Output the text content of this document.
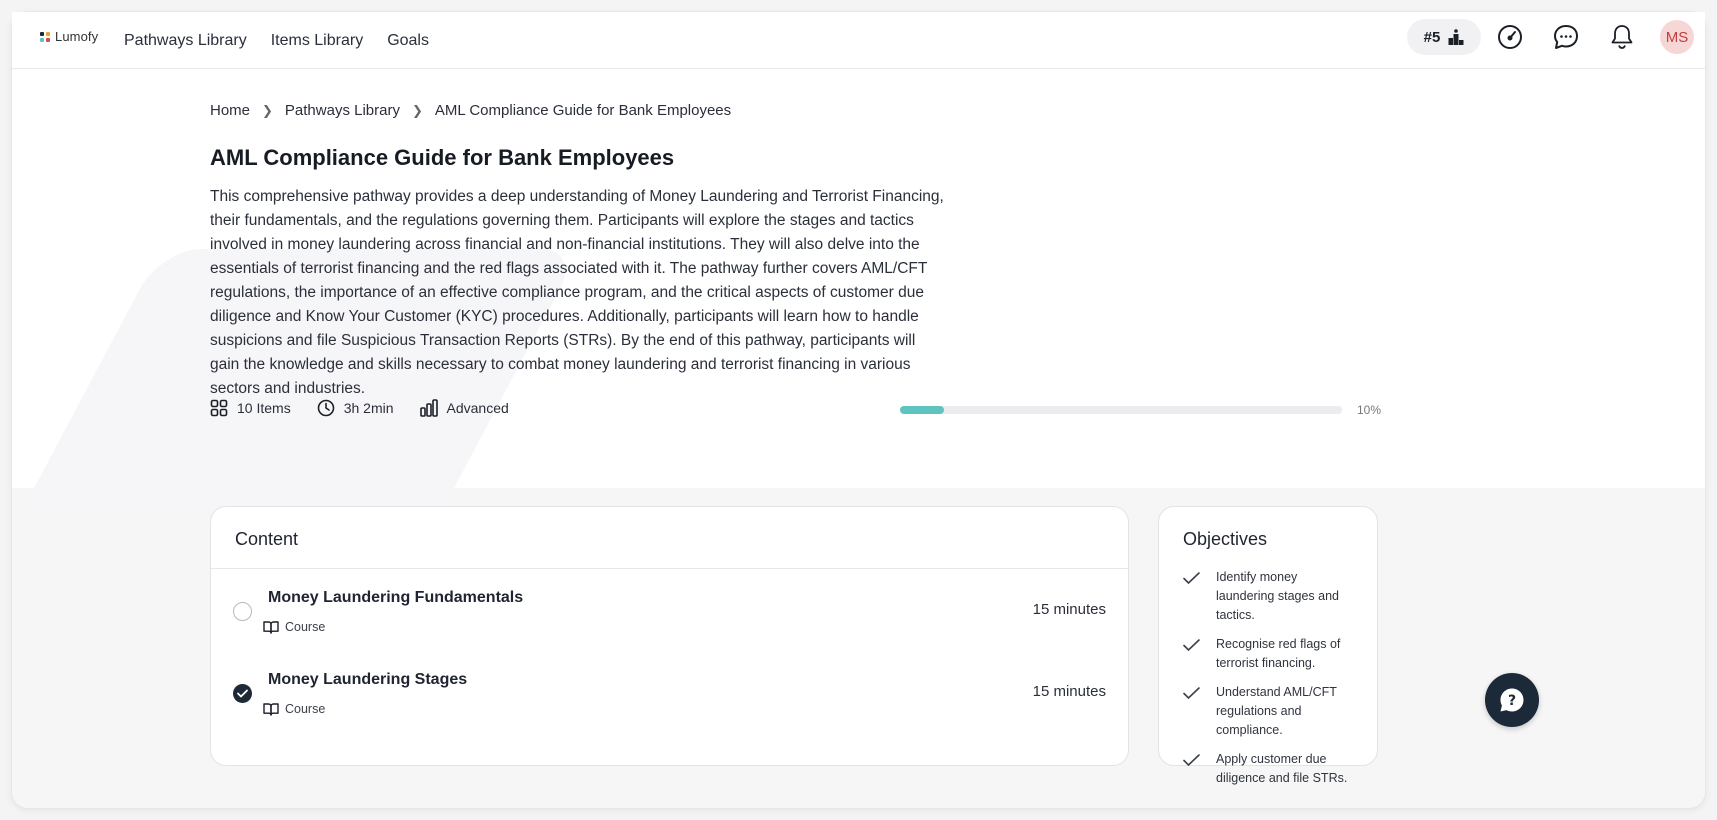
Lumofy Pathways Library Items Library Goals	#5	MS
Home ❯ Pathways Library ❯ AML Compliance Guide for Bank Employees
AML Compliance Guide for Bank Employees

This comprehensive pathway provides a deep understanding of Money Laundering and Terrorist Financing, their fundamentals, and the regulations governing them. Participants will explore the stages and tactics involved in money laundering across financial and non-financial institutions. They will also delve into the essentials of terrorist financing and the red flags associated with it. The pathway further covers AML/CFT regulations, the importance of an effective compliance program, and the critical aspects of customer due diligence and Know Your Customer (KYC) procedures. Additionally, participants will learn how to handle suspicions and file Suspicious Transaction Reports (STRs). By the end of this pathway, participants will gain the knowledge and skills necessary to combat money laundering and terrorist financing in various sectors and industries.

10 Items	3h 2min	Advanced	10%
Content
Money Laundering Fundamentals
Course
15 minutes
Money Laundering Stages
Course
15 minutes
Objectives
Identify money laundering stages and tactics.
Recognise red flags of terrorist financing.
Understand AML/CFT regulations and compliance.
Apply customer due diligence and file STRs.
?
